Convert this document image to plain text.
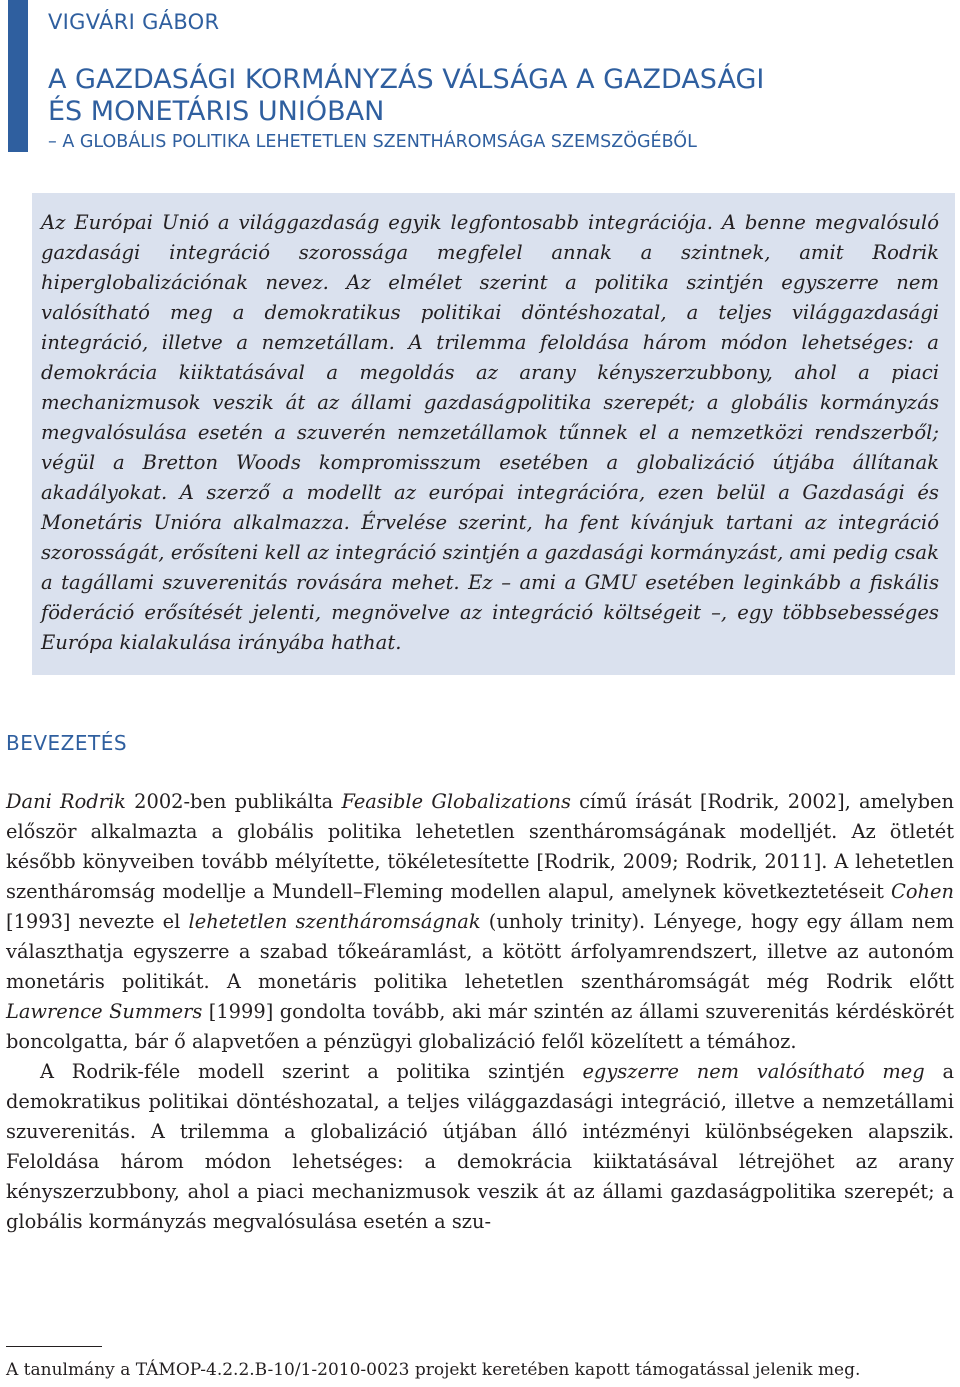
VIGVÁRI GÁBOR
A GAZDASÁGI KORMÁNYZÁS VÁLSÁGA A GAZDASÁGI
ÉS MONETÁRIS UNIÓBAN
– A GLOBÁLIS POLITIKA LEHETETLEN SZENTHÁROMSÁGA SZEMSZÖGÉBŐL

Az Európai Unió a világgazdaság egyik legfontosabb integrációja. A benne megvalósuló gazdasági integráció szorossága megfelel annak a szintnek, amit Rodrik hiperglobalizációnak nevez. Az elmélet szerint a politika szintjén egyszerre nem valósítható meg a demokratikus politikai döntéshozatal, a teljes világgazdasági integráció, illetve a nemzetállam. A trilemma feloldása három módon lehetséges: a demokrácia kiiktatásával a megoldás az arany kényszerzubbony, ahol a piaci mechanizmusok veszik át az állami gazdaságpolitika szerepét; a globális kormányzás megvalósulása esetén a szuverén nemzetállamok tűnnek el a nemzetközi rendszerből; végül a Bretton Woods kompromisszum esetében a globalizáció útjába állítanak akadályokat. A szerző a modellt az európai integrációra, ezen belül a Gazdasági és Monetáris Unióra alkalmazza. Érvelése szerint, ha fent kívánjuk tartani az integráció szorosságát, erősíteni kell az integráció szintjén a gazdasági kormányzást, ami pedig csak a tagállami szuverenitás rovására mehet. Ez – ami a GMU esetében leginkább a fiskális föderáció erősítését jelenti, megnövelve az integráció költségeit –, egy többsebességes Európa kialakulása irányába hathat.

BEVEZETÉS

Dani Rodrik 2002-ben publikálta Feasible Globalizations című írását [Rodrik, 2002], amelyben először alkalmazta a globális politika lehetetlen szentháromságának modelljét. Az ötletét később könyveiben tovább mélyítette, tökéletesítette [Rodrik, 2009; Rodrik, 2011]. A lehetetlen szentháromság modellje a Mundell–Fleming modellen alapul, amelynek következtetéseit Cohen [1993] nevezte el lehetetlen szentháromságnak (unholy trinity). Lényege, hogy egy állam nem választhatja egyszerre a szabad tőkeáramlást, a kötött árfolyamrendszert, illetve az autonóm monetáris politikát. A monetáris politika lehetetlen szentháromságát még Rodrik előtt Lawrence Summers [1999] gondolta tovább, aki már szintén az állami szuverenitás kérdéskörét boncolgatta, bár ő alapvetően a pénzügyi globalizáció felől közelített a témához.

A Rodrik-féle modell szerint a politika szintjén egyszerre nem valósítható meg a demokratikus politikai döntéshozatal, a teljes világgazdasági integráció, illetve a nemzetállami szuverenitás. A trilemma a globalizáció útjában álló intézményi különbségeken alapszik. Feloldása három módon lehetséges: a demokrácia kiiktatásával létrejöhet az arany kényszerzubbony, ahol a piaci mechanizmusok veszik át az állami gazdaságpolitika szerepét; a globális kormányzás megvalósulása esetén a szu-

A tanulmány a TÁMOP-4.2.2.B-10/1-2010-0023 projekt keretében kapott támogatással jelenik meg.
